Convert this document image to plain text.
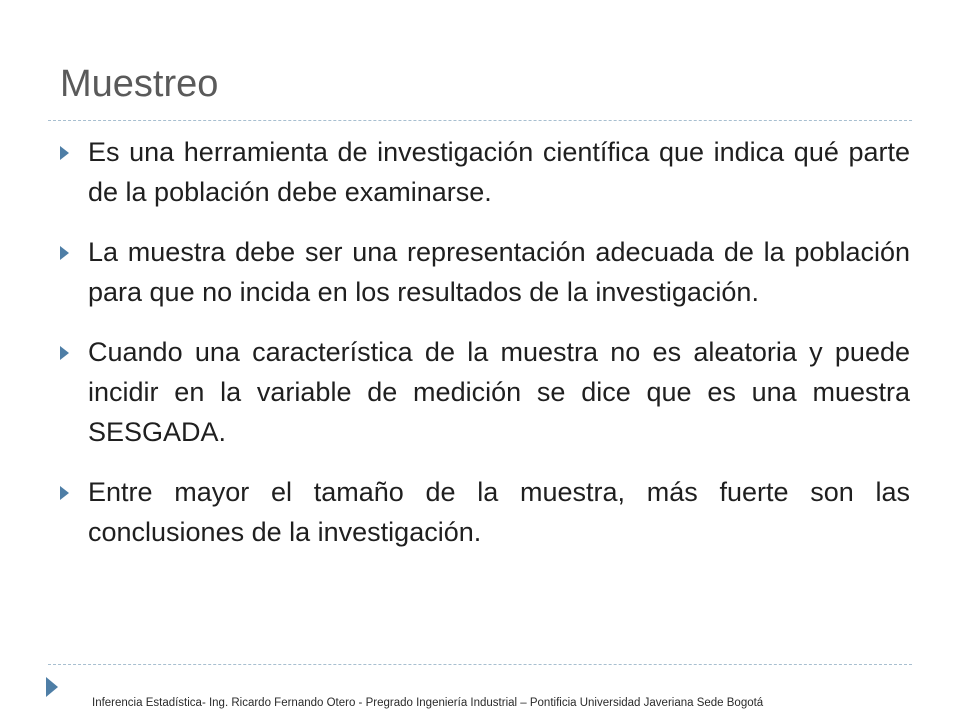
Muestreo
Es una herramienta de investigación científica que indica qué parte de la población debe examinarse.
La muestra debe ser una representación adecuada de la población para que no incida en los resultados de la investigación.
Cuando una característica de la muestra no es aleatoria y puede incidir en la variable de medición se dice que es una muestra SESGADA.
Entre mayor el tamaño de la muestra, más fuerte son las conclusiones de la investigación.
Inferencia Estadística- Ing. Ricardo Fernando Otero - Pregrado Ingeniería Industrial – Pontificia Universidad Javeriana Sede Bogotá
